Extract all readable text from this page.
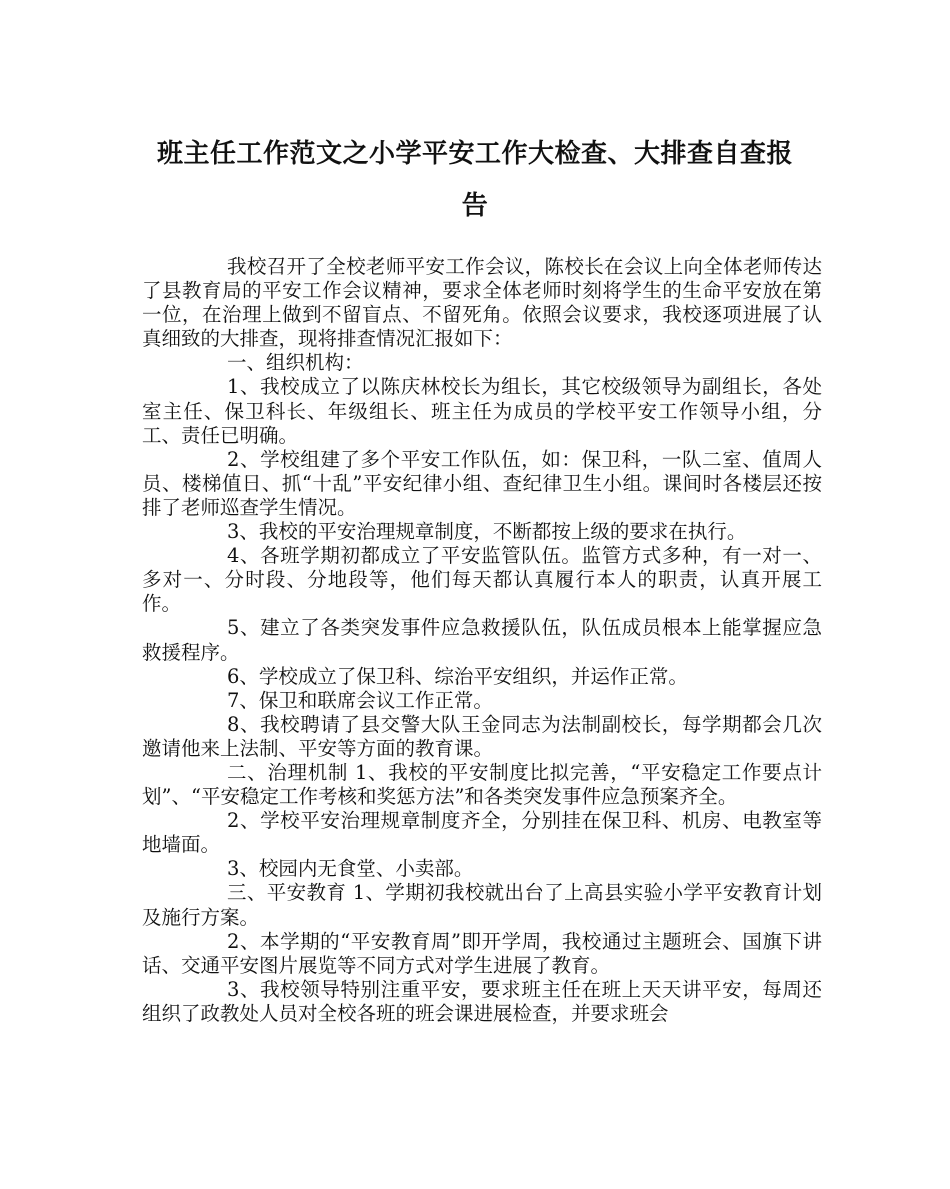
班主任工作范文之小学平安工作大检查、大排查自查报
告

我校召开了全校老师平安工作会议，陈校长在会议上向全体老师传达了县教育局的平安工作会议精神，要求全体老师时刻将学生的生命平安放在第一位，在治理上做到不留盲点、不留死角。依照会议要求，我校逐项进展了认真细致的大排查，现将排查情况汇报如下：

一、组织机构：

1、我校成立了以陈庆林校长为组长，其它校级领导为副组长，各处室主任、保卫科长、年级组长、班主任为成员的学校平安工作领导小组，分工、责任已明确。

2、学校组建了多个平安工作队伍，如：保卫科，一队二室、值周人员、楼梯值日、抓“十乱”平安纪律小组、查纪律卫生小组。课间时各楼层还按排了老师巡查学生情况。

3、我校的平安治理规章制度，不断都按上级的要求在执行。

4、各班学期初都成立了平安监管队伍。监管方式多种，有一对一、多对一、分时段、分地段等，他们每天都认真履行本人的职责，认真开展工作。

5、建立了各类突发事件应急救援队伍，队伍成员根本上能掌握应急救援程序。

6、学校成立了保卫科、综治平安组织，并运作正常。

7、保卫和联席会议工作正常。

8、我校聘请了县交警大队王金同志为法制副校长，每学期都会几次邀请他来上法制、平安等方面的教育课。

二、治理机制 1、我校的平安制度比拟完善，“平安稳定工作要点计划”、“平安稳定工作考核和奖惩方法”和各类突发事件应急预案齐全。

2、学校平安治理规章制度齐全，分别挂在保卫科、机房、电教室等地墙面。

3、校园内无食堂、小卖部。

三、平安教育 1、学期初我校就出台了上高县实验小学平安教育计划及施行方案。

2、本学期的“平安教育周”即开学周，我校通过主题班会、国旗下讲话、交通平安图片展览等不同方式对学生进展了教育。

3、我校领导特别注重平安，要求班主任在班上天天讲平安，每周还组织了政教处人员对全校各班的班会课进展检查，并要求班会
